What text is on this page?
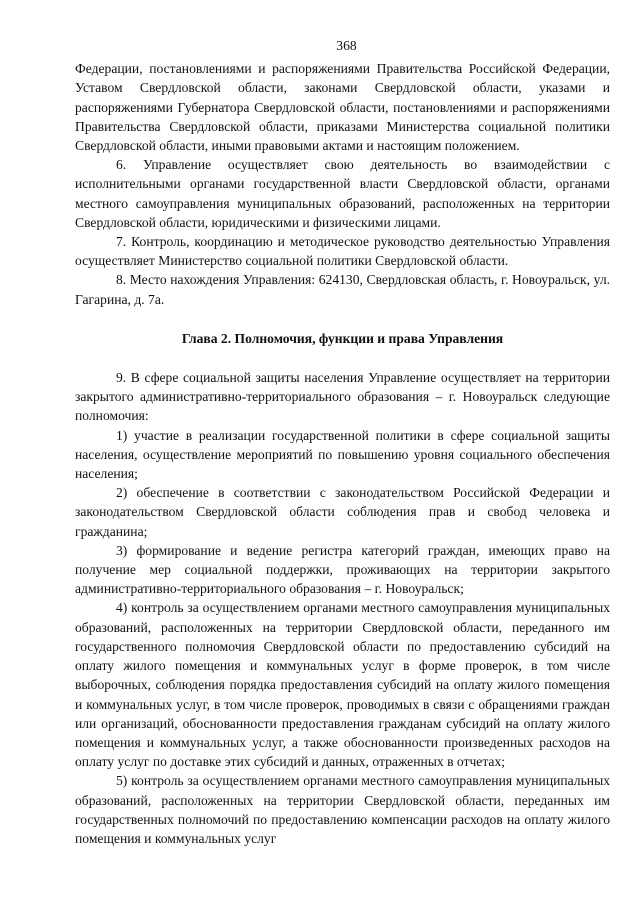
368

Федерации, постановлениями и распоряжениями Правительства Российской Федерации, Уставом Свердловской области, законами Свердловской области, указами и распоряжениями Губернатора Свердловской области, постановлениями и распоряжениями Правительства Свердловской области, приказами Министерства социальной политики Свердловской области, иными правовыми актами и настоящим положением.

6. Управление осуществляет свою деятельность во взаимодействии с исполнительными органами государственной власти Свердловской области, органами местного самоуправления муниципальных образований, расположенных на территории Свердловской области, юридическими и физическими лицами.

7. Контроль, координацию и методическое руководство деятельностью Управления осуществляет Министерство социальной политики Свердловской области.

8. Место нахождения Управления: 624130, Свердловская область, г. Новоуральск, ул. Гагарина, д. 7а.

Глава 2. Полномочия, функции и права Управления

9. В сфере социальной защиты населения Управление осуществляет на территории закрытого административно-территориального образования – г. Новоуральск следующие полномочия:

1) участие в реализации государственной политики в сфере социальной защиты населения, осуществление мероприятий по повышению уровня социального обеспечения населения;

2) обеспечение в соответствии с законодательством Российской Федерации и законодательством Свердловской области соблюдения прав и свобод человека и гражданина;

3) формирование и ведение регистра категорий граждан, имеющих право на получение мер социальной поддержки, проживающих на территории закрытого административно-территориального образования – г. Новоуральск;

4) контроль за осуществлением органами местного самоуправления муниципальных образований, расположенных на территории Свердловской области, переданного им государственного полномочия Свердловской области по предоставлению субсидий на оплату жилого помещения и коммунальных услуг в форме проверок, в том числе выборочных, соблюдения порядка предоставления субсидий на оплату жилого помещения и коммунальных услуг, в том числе проверок, проводимых в связи с обращениями граждан или организаций, обоснованности предоставления гражданам субсидий на оплату жилого помещения и коммунальных услуг, а также обоснованности произведенных расходов на оплату услуг по доставке этих субсидий и данных, отраженных в отчетах;

5) контроль за осуществлением органами местного самоуправления муниципальных образований, расположенных на территории Свердловской области, переданных им государственных полномочий по предоставлению компенсации расходов на оплату жилого помещения и коммунальных услуг
